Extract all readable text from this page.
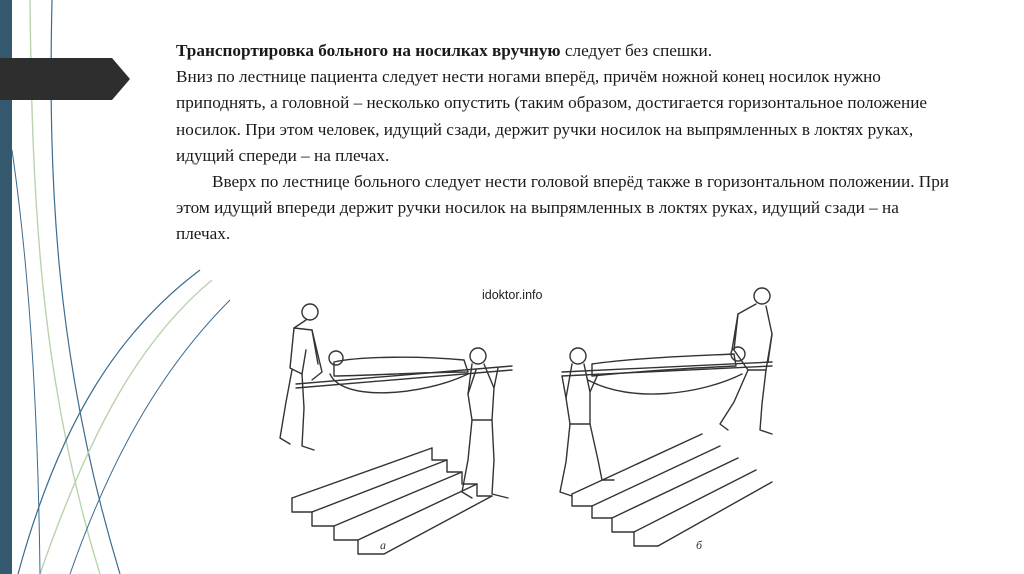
Транспортировка больного на носилках вручную следует без спешки.

Вниз по лестнице пациента следует нести ногами вперёд, причём ножной конец носилок нужно приподнять, а головной – несколько опустить (таким образом, достигается горизонтальное положение носилок. При этом человек, идущий сзади, держит ручки носилок на выпрямленных в локтях руках, идущий спереди – на плечах.

Вверх по лестнице больного следует нести головой вперёд также в горизонтальном положении. При этом идущий впереди держит ручки носилок на выпрямленных в локтях руках, идущий сзади – на плечах.

idoktor.info
а	б
